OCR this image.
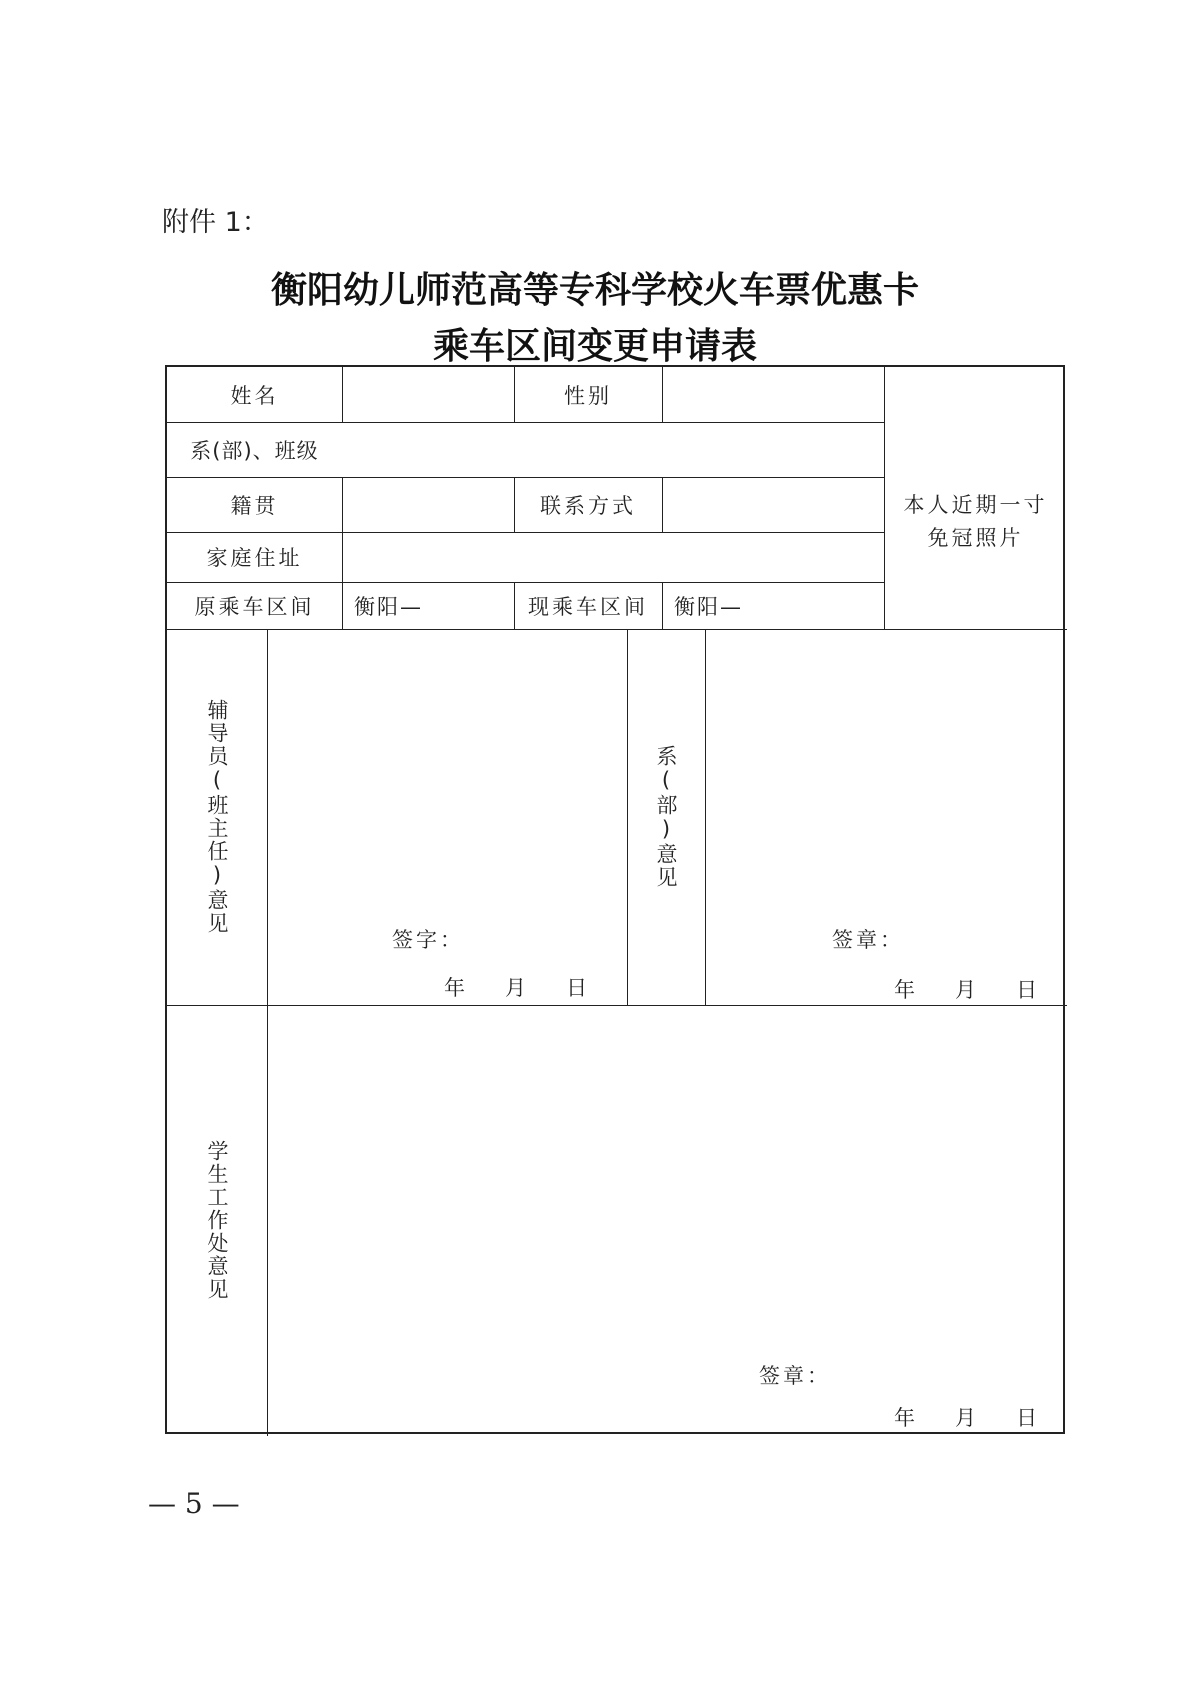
附件 1：
衡阳幼儿师范高等专科学校火车票优惠卡
乘车区间变更申请表
姓名	性别
系(部)、班级
籍贯	联系方式
家庭住址
原乘车区间	衡阳—	现乘车区间	衡阳—
本人近期一寸
免冠照片
辅导员(班主任)意见
签字：
年      月      日
系(部)意见
签章：
年      月      日
学生工作处意见
签章：
年      月      日
— 5 —
